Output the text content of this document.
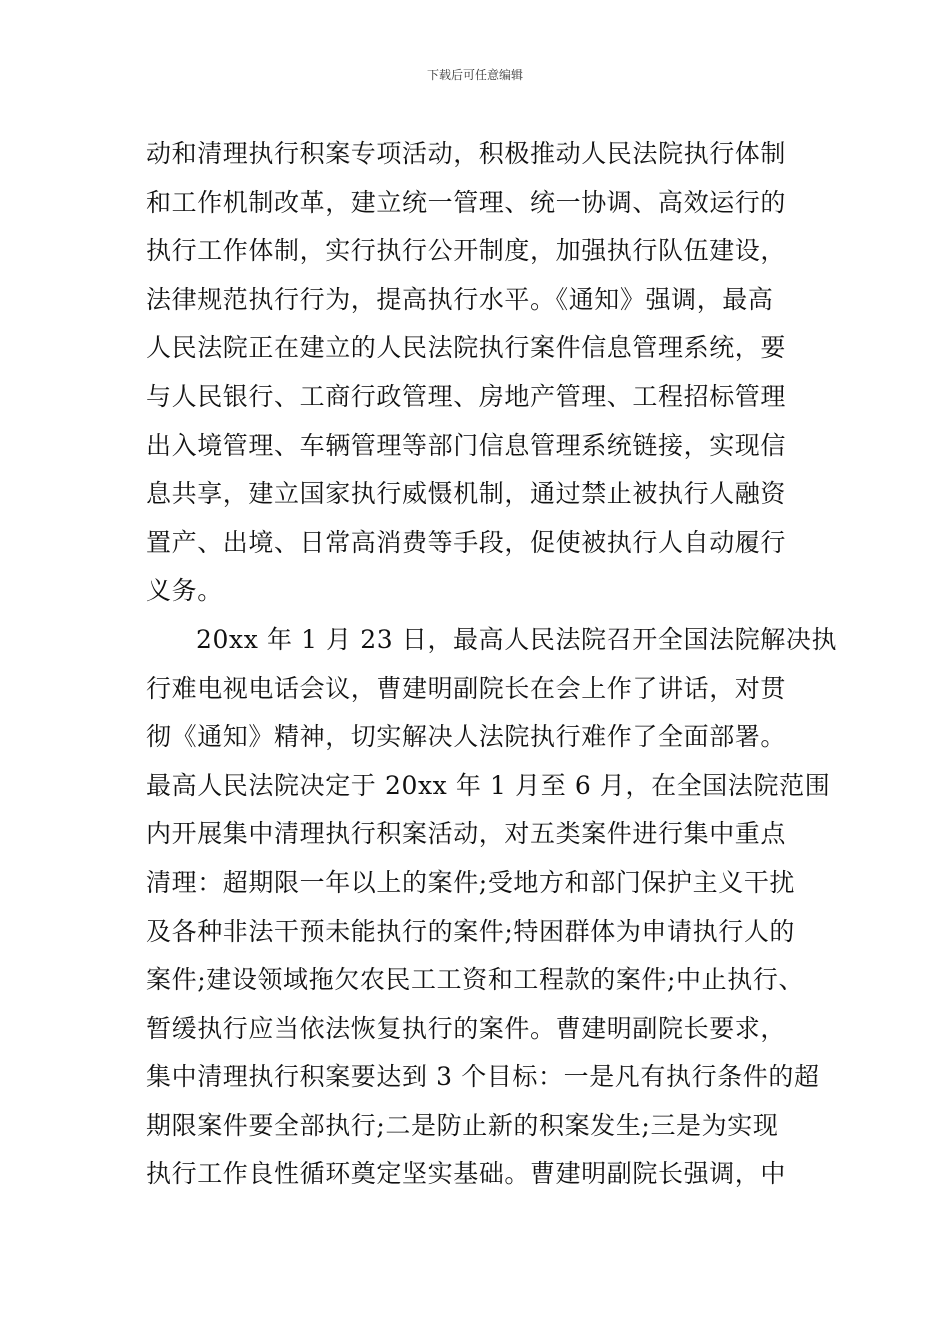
下载后可任意编辑
动和清理执行积案专项活动，积极推动人民法院执行体制
和工作机制改革，建立统一管理、统一协调、高效运行的
执行工作体制，实行执行公开制度，加强执行队伍建设，
法律规范执行行为，提高执行水平。《通知》强调，最高
人民法院正在建立的人民法院执行案件信息管理系统，要
与人民银行、工商行政管理、房地产管理、工程招标管理
出入境管理、车辆管理等部门信息管理系统链接，实现信
息共享，建立国家执行威慑机制，通过禁止被执行人融资
置产、出境、日常高消费等手段，促使被执行人自动履行
义务。
20xx 年 1 月 23 日，最高人民法院召开全国法院解决执
行难电视电话会议，曹建明副院长在会上作了讲话，对贯
彻《通知》精神，切实解决人法院执行难作了全面部署。
最高人民法院决定于 20xx 年 1 月至 6 月，在全国法院范围
内开展集中清理执行积案活动，对五类案件进行集中重点
清理：超期限一年以上的案件;受地方和部门保护主义干扰
及各种非法干预未能执行的案件;特困群体为申请执行人的
案件;建设领域拖欠农民工工资和工程款的案件;中止执行、
暂缓执行应当依法恢复执行的案件。曹建明副院长要求，
集中清理执行积案要达到 3 个目标：一是凡有执行条件的超
期限案件要全部执行;二是防止新的积案发生;三是为实现
执行工作良性循环奠定坚实基础。曹建明副院长强调，中
